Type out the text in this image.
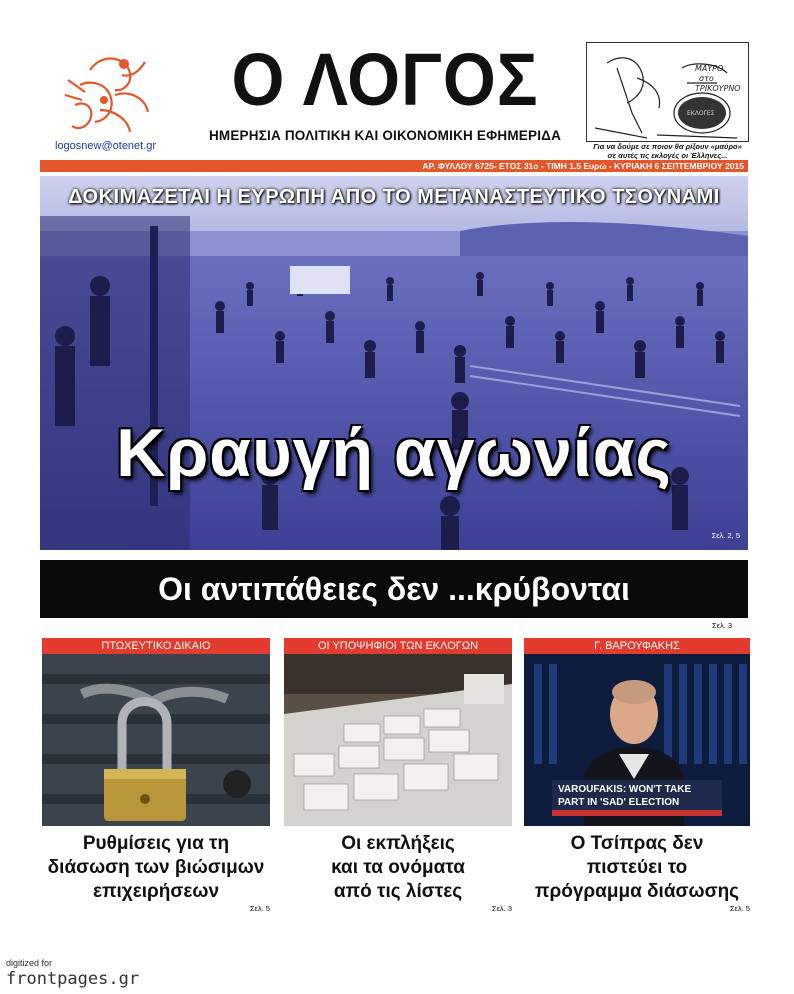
logosnew@otenet.gr
Ο ΛΟΓΟΣ
ΗΜΕΡΗΣΙΑ ΠΟΛΙΤΙΚΗ ΚΑΙ ΟΙΚΟΝΟΜΙΚΗ ΕΦΗΜΕΡΙΔΑ
ΜΑΥΡΟ
στο
ΤΡΙΚΟΥΡΝΟ
ΕΚΛΟΓΕΣ
Για να δούμε σε ποιον θα ρίξουν «μαύρο»
σε αυτές τις εκλογές οι Έλληνες...
ΑΡ. ΦΥΛΛΟΥ 6725- ΕΤΟΣ 31ο - ΤΙΜΗ 1.5 Ευρώ - ΚΥΡΙΑΚΗ 6 ΣΕΠΤΕΜΒΡΙΟΥ 2015
ΔΟΚΙΜΑΖΕΤΑΙ Η ΕΥΡΩΠΗ ΑΠΟ ΤΟ ΜΕΤΑΝΑΣΤΕΥΤΙΚΟ ΤΣΟΥΝΑΜΙ
Κραυγή αγωνίας
Σελ. 2, 5
Οι αντιπάθειες δεν ...κρύβονται
Σελ. 3
ΠΤΩΧΕΥΤΙΚΟ ΔΙΚΑΙΟ
Ρυθμίσεις για τη
διάσωση των βιώσιμων
επιχειρήσεων
Σελ. 5
ΟΙ ΥΠΟΨΗΦΙΟΙ ΤΩΝ ΕΚΛΟΓΩΝ
Οι εκπλήξεις
και τα ονόματα
από τις λίστες
Σελ. 3
Γ. ΒΑΡΟΥΦΑΚΗΣ
VAROUFAKIS: WON'T TAKE
PART IN 'SAD' ELECTION
Ο Τσίπρας δεν
πιστεύει το
πρόγραμμα διάσωσης
Σελ. 5
digitized for
frontpages.gr
